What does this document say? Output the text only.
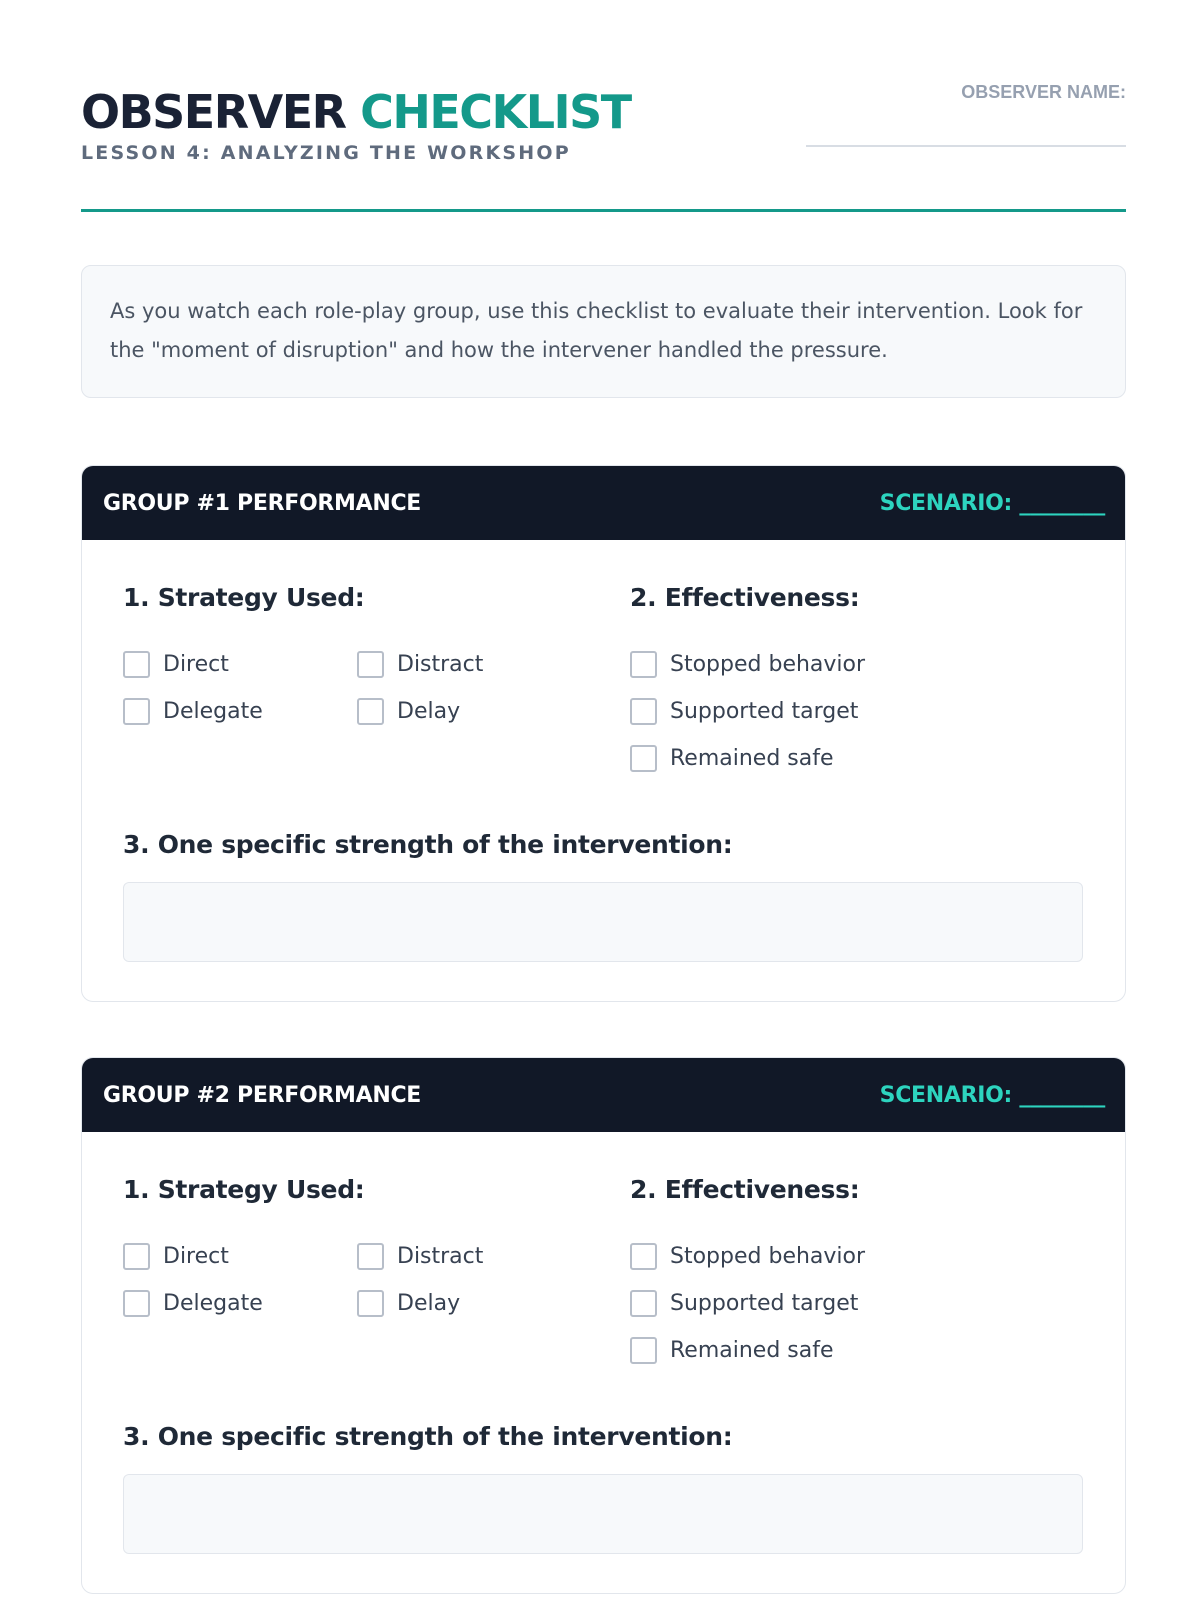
OBSERVER CHECKLIST
LESSON 4: ANALYZING THE WORKSHOP
OBSERVER NAME:
As you watch each role-play group, use this checklist to evaluate their intervention. Look for the "moment of disruption" and how the intervener handled the pressure.
GROUP #1 PERFORMANCE	SCENARIO: ________
1. Strategy Used:	2. Effectiveness:
Direct	Distract
Delegate	Delay
Stopped behavior
Supported target
Remained safe
3. One specific strength of the intervention:
GROUP #2 PERFORMANCE	SCENARIO: ________
1. Strategy Used:	2. Effectiveness:
Direct	Distract
Delegate	Delay
Stopped behavior
Supported target
Remained safe
3. One specific strength of the intervention:
